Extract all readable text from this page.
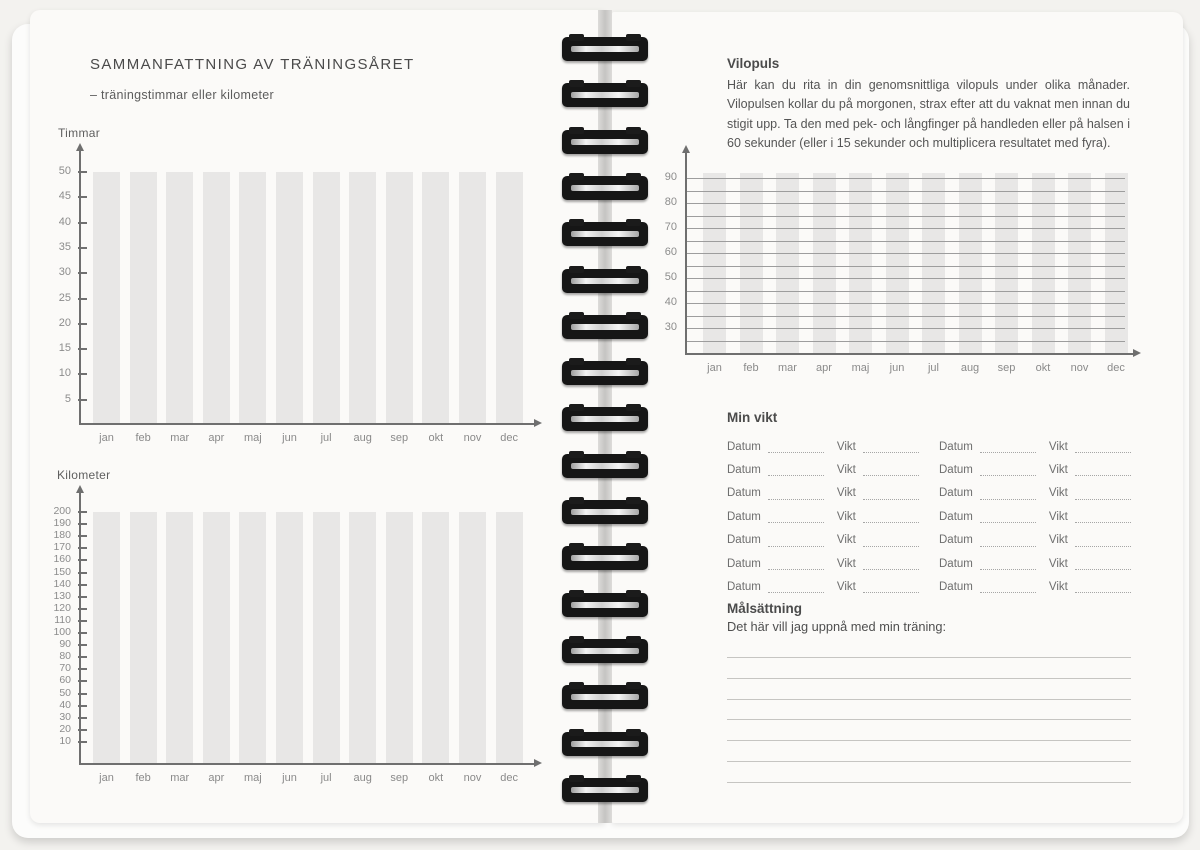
SAMMANFATTNING AV TRÄNINGSÅRET
– träningstimmar eller kilometer
Timmar
50
45
40
35
30
25
20
15
10
5
jan feb mar apr maj jun jul aug sep okt nov dec
Kilometer
200
190
180
170
160
150
140
130
120
110
100
90
80
70
60
50
40
30
20
10
jan feb mar apr maj jun jul aug sep okt nov dec
Vilopuls

Här kan du rita in din genomsnittliga vilopuls under olika månader. Vilopulsen kollar du på morgonen, strax efter att du vaknat men innan du stigit upp. Ta den med pek- och långfinger på handleden eller på halsen i 60 sekunder (eller i 15 sekunder och multiplicera resultatet med fyra).

90
80
70
60
50
40
30
jan feb mar apr maj jun jul aug sep okt nov dec
Min vikt
Datum	Vikt	Datum	Vikt
Datum	Vikt	Datum	Vikt
Datum	Vikt	Datum	Vikt
Datum	Vikt	Datum	Vikt
Datum	Vikt	Datum	Vikt
Datum	Vikt	Datum	Vikt
Datum	Vikt	Datum	Vikt
Målsättning
Det här vill jag uppnå med min träning:
